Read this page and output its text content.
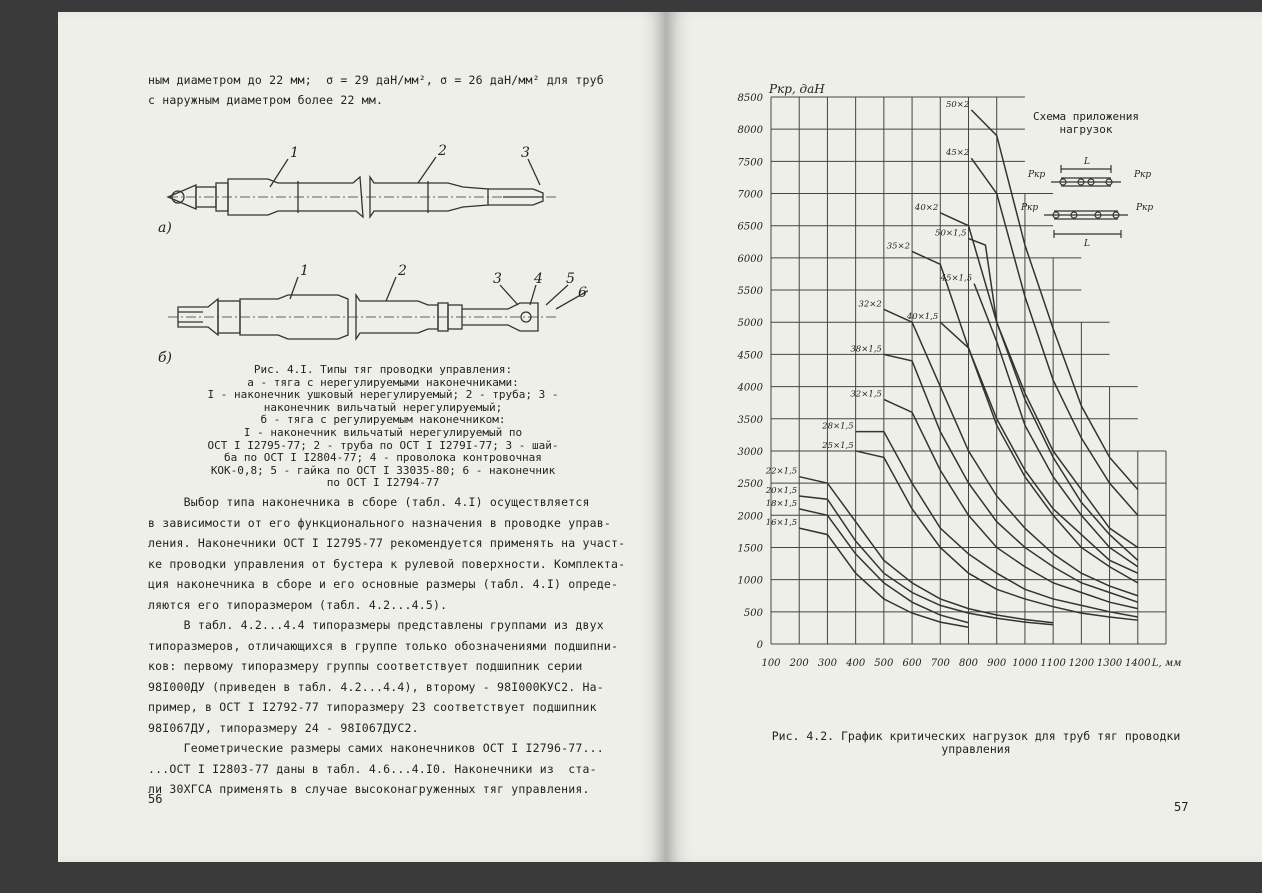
а)
б)
1	2	3
1	2	3 4 5
6
Рис. 4.I. Типы тяг проводки управления:
а - тяга с нерегулируемыми наконечниками:
I - наконечник ушковый нерегулируемый; 2 - труба; 3 -
наконечник вильчатый нерегулируемый;
б - тяга с регулируемым наконечником:
I - наконечник вильчатый нерегулируемый по
ОСТ I I2795-77; 2 - труба по ОСТ I I279I-77; 3 - шай-
ба по ОСТ I I2804-77; 4 - проволока контровочная
КОК-0,8; 5 - гайка по ОСТ I 33035-80; 6 - наконечник
по ОСТ I I2794-77
56
ным диаметром до 22 мм;  σ = 29 даН/мм², σ = 26 даН/мм² для труб
с наружным диаметром более 22 мм.
Выбор типа наконечника в сборе (табл. 4.I) осуществляется
в зависимости от его функционального назначения в проводке управ-
ления. Наконечники ОСТ I I2795-77 рекомендуется применять на участ-
ке проводки управления от бустера к рулевой поверхности. Комплекта-
ция наконечника в сборе и его основные размеры (табл. 4.I) опреде-
ляются его типоразмером (табл. 4.2...4.5).
В табл. 4.2...4.4 типоразмеры представлены группами из двух
типоразмеров, отличающихся в группе только обозначениями подшипни-
ков: первому типоразмеру группы соответствует подшипник серии
98I000ДУ (приведен в табл. 4.2...4.4), второму - 98I000КУС2. На-
пример, в ОСТ I I2792-77 типоразмеру 23 соответствует подшипник
98I067ДУ, типоразмеру 24 - 98I067ДУС2.
Геометрические размеры самих наконечников ОСТ I I2796-77...
...ОСТ I I2803-77 даны в табл. 4.6...4.I0. Наконечники из  ста-
ли 30ХГСА применять в случае высоконагруженных тяг управления.
8500
8000
7500
7000
6500
6000
5500
5000
4500
4000
3500
3000
2500
2000
1500
1000
500
0
100 200 300 400 500 600 700 800 900 1000 1100 1200 1300 1400
Pкр, даН
L, мм
50×2
45×2
40×2
50×1,5
35×2
45×1,5
32×2
40×1,5
38×1,5
32×1,5
28×1,5
25×1,5
22×1,5
20×1,5
18×1,5
16×1,5
Схема приложения
нагрузок
Pкр	Pкр
Pкр	Pкр
L
L
Рис. 4.2. График критических нагрузок для труб тяг проводки
управления
57
